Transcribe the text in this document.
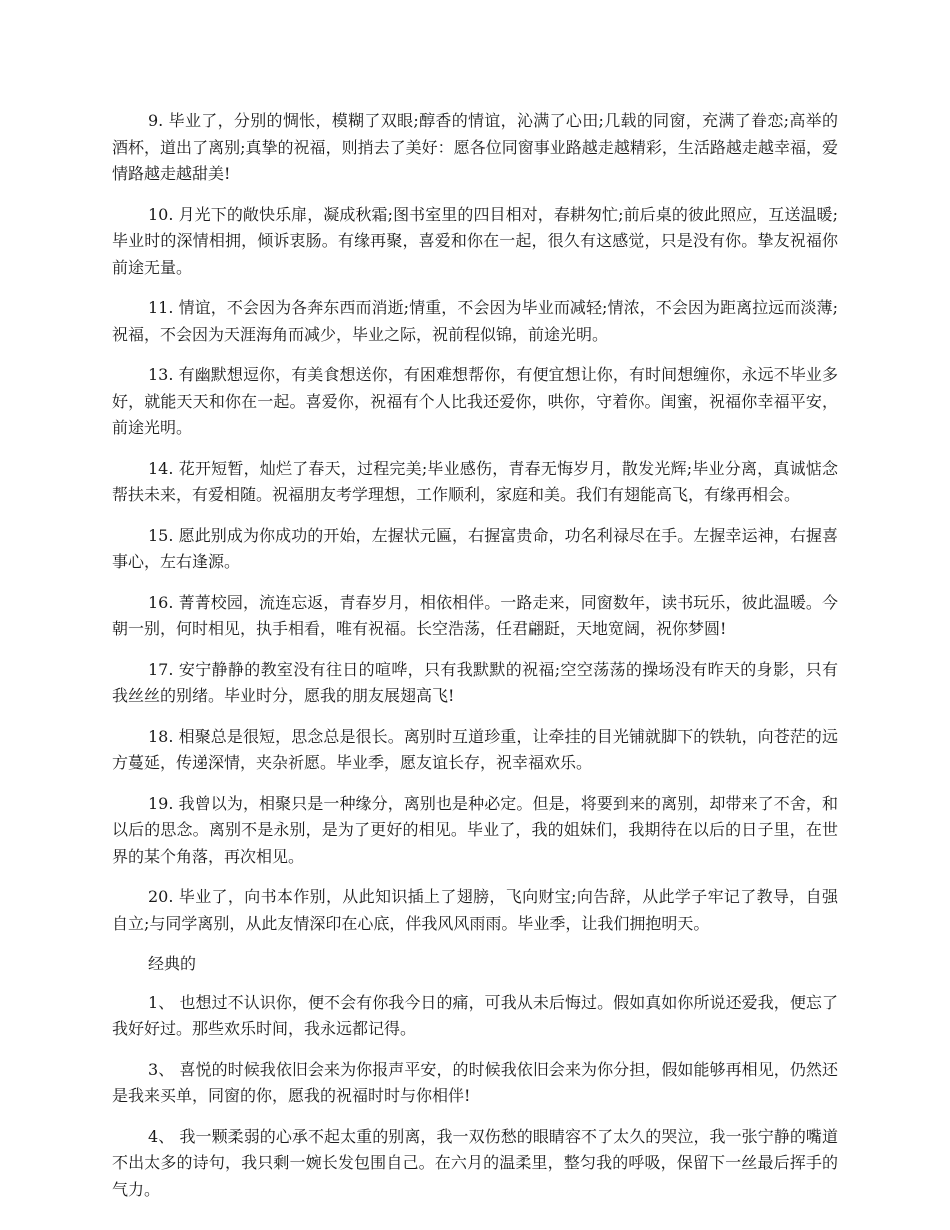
9. 毕业了，分别的惆怅，模糊了双眼;醇香的情谊，沁满了心田;几载的同窗，充满了眷恋;高举的酒杯，道出了离别;真挚的祝福，则捎去了美好：愿各位同窗事业路越走越精彩，生活路越走越幸福，爱情路越走越甜美!

10. 月光下的敞快乐扉，凝成秋霜;图书室里的四目相对，春耕匆忙;前后桌的彼此照应，互送温暖;毕业时的深情相拥，倾诉衷肠。有缘再聚，喜爱和你在一起，很久有这感觉，只是没有你。挚友祝福你前途无量。

11. 情谊，不会因为各奔东西而消逝;情重，不会因为毕业而减轻;情浓，不会因为距离拉远而淡薄;祝福，不会因为天涯海角而减少，毕业之际，祝前程似锦，前途光明。

13. 有幽默想逗你，有美食想送你，有困难想帮你，有便宜想让你，有时间想缠你，永远不毕业多好，就能天天和你在一起。喜爱你，祝福有个人比我还爱你，哄你，守着你。闺蜜，祝福你幸福平安，前途光明。

14. 花开短暂，灿烂了春天，过程完美;毕业感伤，青春无悔岁月，散发光辉;毕业分离，真诚惦念帮扶未来，有爱相随。祝福朋友考学理想，工作顺利，家庭和美。我们有翅能高飞，有缘再相会。

15. 愿此别成为你成功的开始，左握状元匾，右握富贵命，功名利禄尽在手。左握幸运神，右握喜事心，左右逢源。

16. 菁菁校园，流连忘返，青春岁月，相依相伴。一路走来，同窗数年，读书玩乐，彼此温暖。今朝一别，何时相见，执手相看，唯有祝福。长空浩荡，任君翩跹，天地宽阔，祝你梦圆!

17. 安宁静静的教室没有往日的喧哗，只有我默默的祝福;空空荡荡的操场没有昨天的身影，只有我丝丝的别绪。毕业时分，愿我的朋友展翅高飞!

18. 相聚总是很短，思念总是很长。离别时互道珍重，让牵挂的目光铺就脚下的铁轨，向苍茫的远方蔓延，传递深情，夹杂祈愿。毕业季，愿友谊长存，祝幸福欢乐。

19. 我曾以为，相聚只是一种缘分，离别也是种必定。但是，将要到来的离别，却带来了不舍，和以后的思念。离别不是永别，是为了更好的相见。毕业了，我的姐妹们，我期待在以后的日子里，在世界的某个角落，再次相见。

20. 毕业了，向书本作别，从此知识插上了翅膀，飞向财宝;向告辞，从此学子牢记了教导，自强自立;与同学离别，从此友情深印在心底，伴我风风雨雨。毕业季，让我们拥抱明天。

经典的

1、 也想过不认识你，便不会有你我今日的痛，可我从未后悔过。假如真如你所说还爱我，便忘了我好好过。那些欢乐时间，我永远都记得。

3、 喜悦的时候我依旧会来为你报声平安，的时候我依旧会来为你分担，假如能够再相见，仍然还是我来买单，同窗的你，愿我的祝福时时与你相伴!

4、 我一颗柔弱的心承不起太重的别离，我一双伤愁的眼睛容不了太久的哭泣，我一张宁静的嘴道不出太多的诗句，我只剩一婉长发包围自己。在六月的温柔里，整匀我的呼吸，保留下一丝最后挥手的气力。
